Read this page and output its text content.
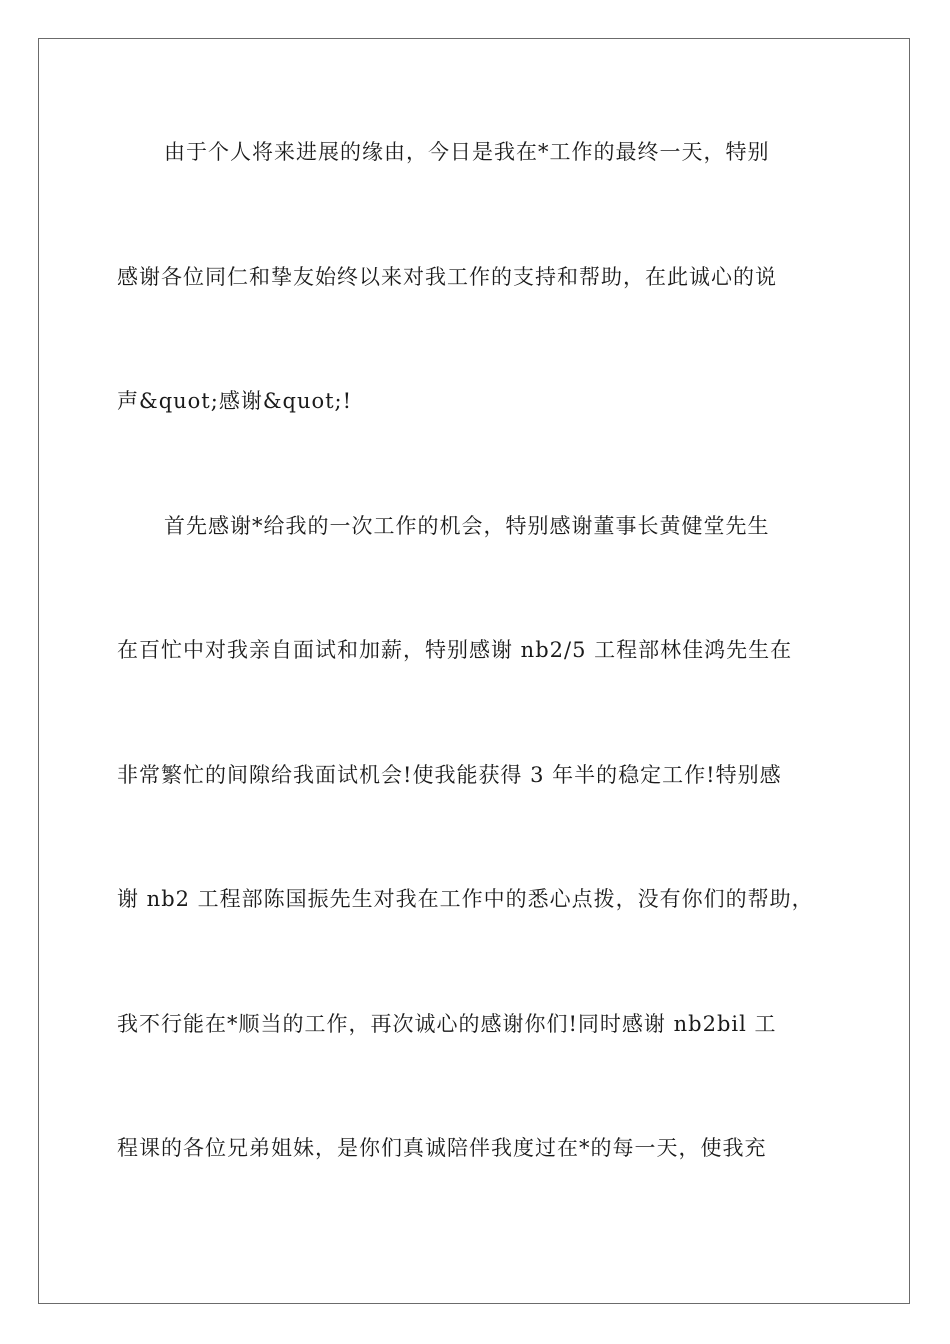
由于个人将来进展的缘由，今日是我在*工作的最终一天，特别
感谢各位同仁和挚友始终以来对我工作的支持和帮助，在此诚心的说
声&quot;感谢&quot;!
首先感谢*给我的一次工作的机会，特别感谢董事长黄健堂先生
在百忙中对我亲自面试和加薪，特别感谢 nb2/5 工程部林佳鸿先生在
非常繁忙的间隙给我面试机会!使我能获得 3 年半的稳定工作!特别感
谢 nb2 工程部陈国振先生对我在工作中的悉心点拨，没有你们的帮助，
我不行能在*顺当的工作，再次诚心的感谢你们!同时感谢 nb2bil 工
程课的各位兄弟姐妹，是你们真诚陪伴我度过在*的每一天，使我充
